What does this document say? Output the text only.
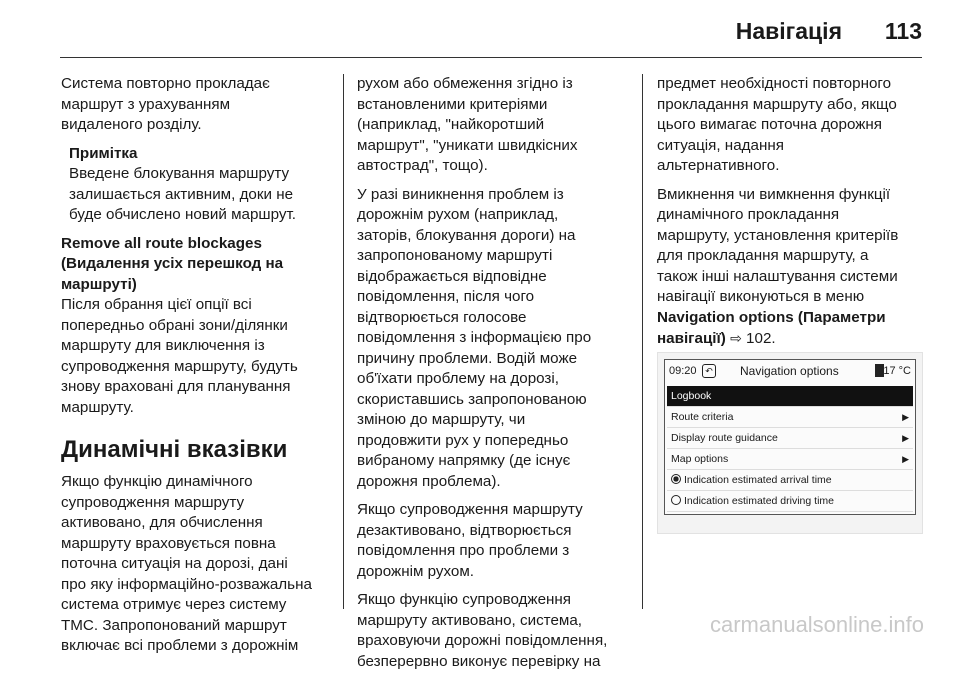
Навігація 113

Система повторно прокладає
маршрут з урахуванням
видаленого розділу.

Примітка

Введене блокування маршруту
залишається активним, доки не
буде обчислено новий маршрут.

Remove all route blockages
(Видалення усіх перешкод на
маршруті)

Після обрання цієї опції всі
попередньо обрані зони/ділянки
маршруту для виключення із
супроводження маршруту, будуть
знову враховані для планування
маршруту.

Динамічні вказівки

Якщо функцію динамічного
супроводження маршруту
активовано, для обчислення
маршруту враховується повна
поточна ситуація на дорозі, дані
про яку інформаційно-розважальна
система отримує через систему
TMC. Запропонований маршрут
включає всі проблеми з дорожнім

рухом або обмеження згідно із
встановленими критеріями
(наприклад, "найкоротший
маршрут", "уникати швидкісних
автострад", тощо).

У разі виникнення проблем із
дорожнім рухом (наприклад,
заторів, блокування дороги) на
запропонованому маршруті
відображається відповідне
повідомлення, після чого
відтворюється голосове
повідомлення з інформацією про
причину проблеми. Водій може
об'їхати проблему на дорозі,
скориставшись запропонованою
зміною до маршруту, чи
продовжити рух у попередньо
вибраному напрямку (де існує
дорожня проблема).

Якщо супроводження маршруту
дезактивовано, відтворюється
повідомлення про проблеми з
дорожнім рухом.

Якщо функцію супроводження
маршруту активовано, система,
враховуючи дорожні повідомлення,
безперервно виконує перевірку на

предмет необхідності повторного
прокладання маршруту або, якщо
цього вимагає поточна дорожня
ситуація, надання
альтернативного.

Вмикнення чи вимкнення функції
динамічного прокладання
маршруту, установлення критеріїв
для прокладання маршруту, а
також інші налаштування системи
навігації виконуються в меню
Navigation options (Параметри
навігації) ⇨ 102.

09:20 ↶ Navigation options	17 °C
Logbook
Route criteria	▶
Display route guidance	▶
Map options	▶
Indication estimated arrival time
Indication estimated driving time
carmanualsonline.info
